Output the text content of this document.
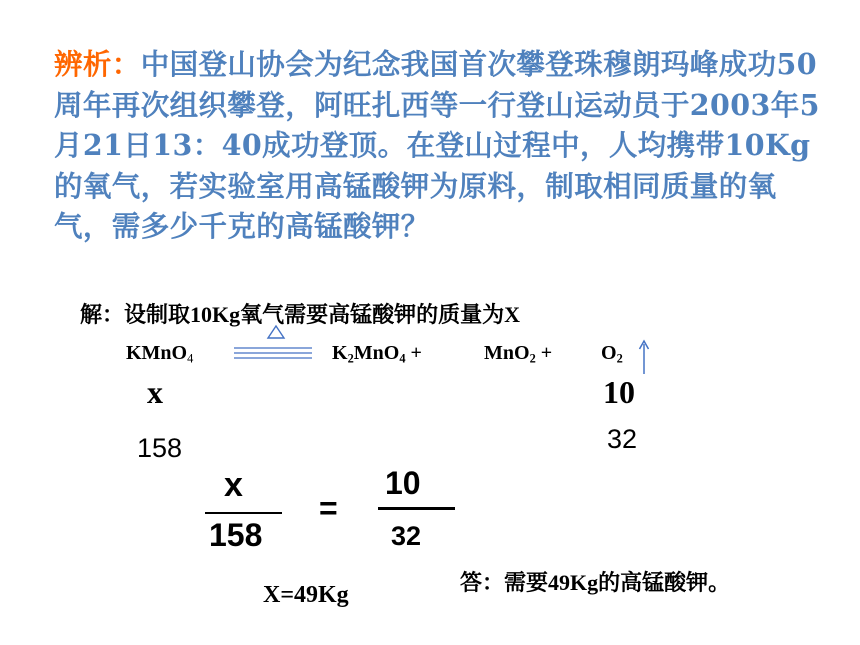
辨析：中国登山协会为纪念我国首次攀登珠穆朗玛峰成功50周年再次组织攀登，阿旺扎西等一行登山运动员于2003年5月21日13：40成功登顶。在登山过程中，人均携带10Kg的氧气，若实验室用高锰酸钾为原料，制取相同质量的氧气，需多少千克的高锰酸钾？
解：设制取10Kg氧气需要高锰酸钾的质量为X
KMnO$_4$	$K_2MnO_4$ +	$MnO_2 + O_2$
x	10
158	32
x
158
=
10
32
X=49Kg	答：需要49Kg的高锰酸钾。
